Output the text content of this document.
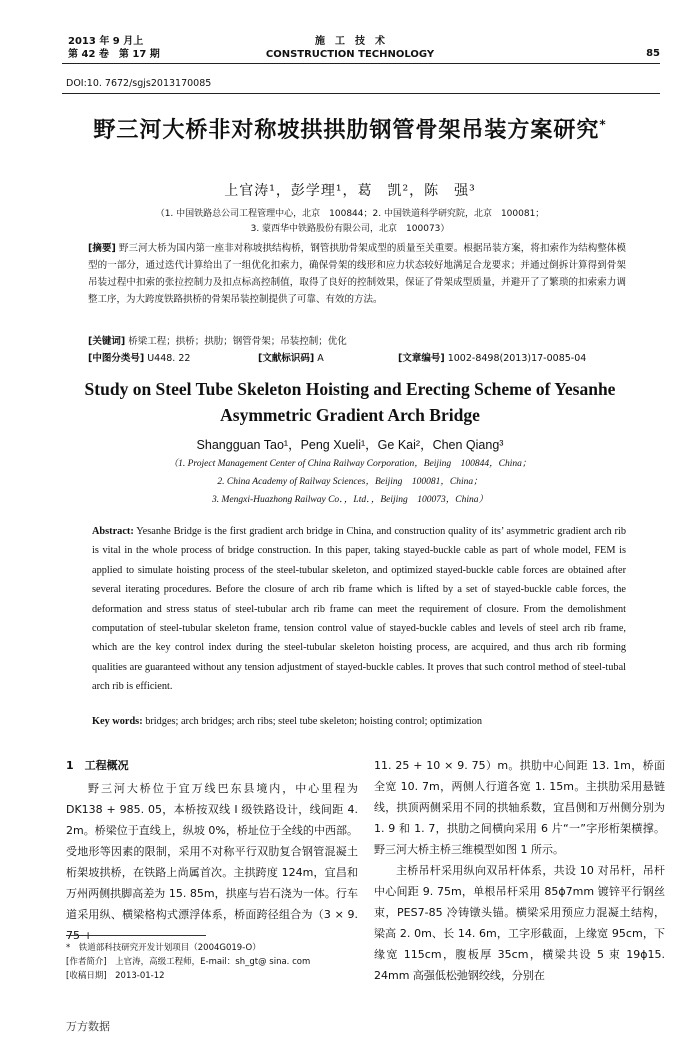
2013 年 9 月上
第 42 卷　第 17 期
施　工　技　术
CONSTRUCTION TECHNOLOGY	85
DOI:10. 7672/sgjs2013170085
野三河大桥非对称坡拱拱肋钢管骨架吊装方案研究*
上官涛¹，彭学理¹，葛　凯²，陈　强³
（1. 中国铁路总公司工程管理中心，北京　100844；2. 中国铁道科学研究院，北京　100081；
3. 蒙西华中铁路股份有限公司，北京　100073）
[摘要] 野三河大桥为国内第一座非对称坡拱结构桥，钢管拱肋骨架成型的质量至关重要。根据吊装方案，将扣索作为结构整体模型的一部分，通过迭代计算给出了一组优化扣索力，确保骨架的线形和应力状态较好地满足合龙要求；并通过倒拆计算得到骨架吊装过程中扣索的张拉控制力及扣点标高控制值，取得了良好的控制效果，保证了骨架成型质量，并避开了了繁琐的扣索索力调整工序，为大跨度铁路拱桥的骨架吊装控制提供了可靠、有效的方法。
[关键词] 桥梁工程；拱桥；拱肋；钢管骨架；吊装控制；优化
[中图分类号] U448. 22	[文献标识码] A	[文章编号] 1002-8498(2013)17-0085-04
Study on Steel Tube Skeleton Hoisting and Erecting Scheme of Yesanhe Asymmetric Gradient Arch Bridge
Shangguan Tao¹，Peng Xueli¹，Ge Kai²，Chen Qiang³
（1. Project Management Center of China Railway Corporation，Beijing　100844，China；
2. China Academy of Railway Sciences，Beijing　100081，China；
3. Mengxi-Huazhong Railway Co．，Ltd．，Beijing　100073，China）
Abstract: Yesanhe Bridge is the first gradient arch bridge in China, and construction quality of its’ asymmetric gradient arch rib is vital in the whole process of bridge construction. In this paper, taking stayed-buckle cable as part of whole model, FEM is applied to simulate hoisting process of the steel-tubular skeleton, and optimized stayed-buckle cable forces are obtained after several iterating procedures. Before the closure of arch rib frame which is lifted by a set of stayed-buckle cable forces, the deformation and stress status of steel-tubular arch rib frame can meet the requirement of closure. From the demolishment computation of steel-tubular skeleton frame, tension control value of stayed-buckle cables and levels of steel arch rib frame, which are the key control index during the steel-tubular skeleton hoisting process, are acquired, and thus arch rib forming qualities are guaranteed without any tension adjustment of stayed-buckle cables. It proves that such control method of steel-tubal arch rib is efficient.
Key words: bridges; arch bridges; arch ribs; steel tube skeleton; hoisting control; optimization
1　工程概况

野三河大桥位于宜万线巴东县境内，中心里程为 DK138 + 985. 05，本桥按双线 I 级铁路设计，线间距 4. 2m。桥梁位于直线上，纵坡 0%，桥址位于全线的中西部。受地形等因素的限制，采用不对称平行双肋复合钢管混凝土桁架坡拱桥，在铁路上尚属首次。主拱跨度 124m，宜昌和万州两侧拱脚高差为 15. 85m，拱座与岩石浇为一体。行车道采用纵、横梁格构式漂浮体系，桥面跨径组合为（3 × 9. 75 +

11. 25 + 10 × 9. 75）m。拱肋中心间距 13. 1m，桥面全宽 10. 7m，两侧人行道各宽 1. 15m。主拱肋采用悬链线，拱顶两侧采用不同的拱轴系数，宜昌侧和万州侧分别为 1. 9 和 1. 7，拱肋之间横向采用 6 片“一”字形桁架横撑。野三河大桥主桥三维模型如图 1 所示。

主桥吊杆采用纵向双吊杆体系，共设 10 对吊杆，吊杆中心间距 9. 75m，单根吊杆采用 85ϕ7mm 镀锌平行钢丝束，PES7-85 冷铸镦头锚。横梁采用预应力混凝土结构，梁高 2. 0m、长 14. 6m，工字形截面，上缘宽 95cm，下缘宽 115cm，腹板厚 35cm，横梁共设 5 束 19ϕ15. 24mm 高强低松弛钢绞线，分别在

*　铁道部科技研究开发计划项目（2004G019-O）
[作者简介]　上官涛，高级工程师，E-mail：sh_gt@ sina. com
[收稿日期]　2013-01-12
万方数据
